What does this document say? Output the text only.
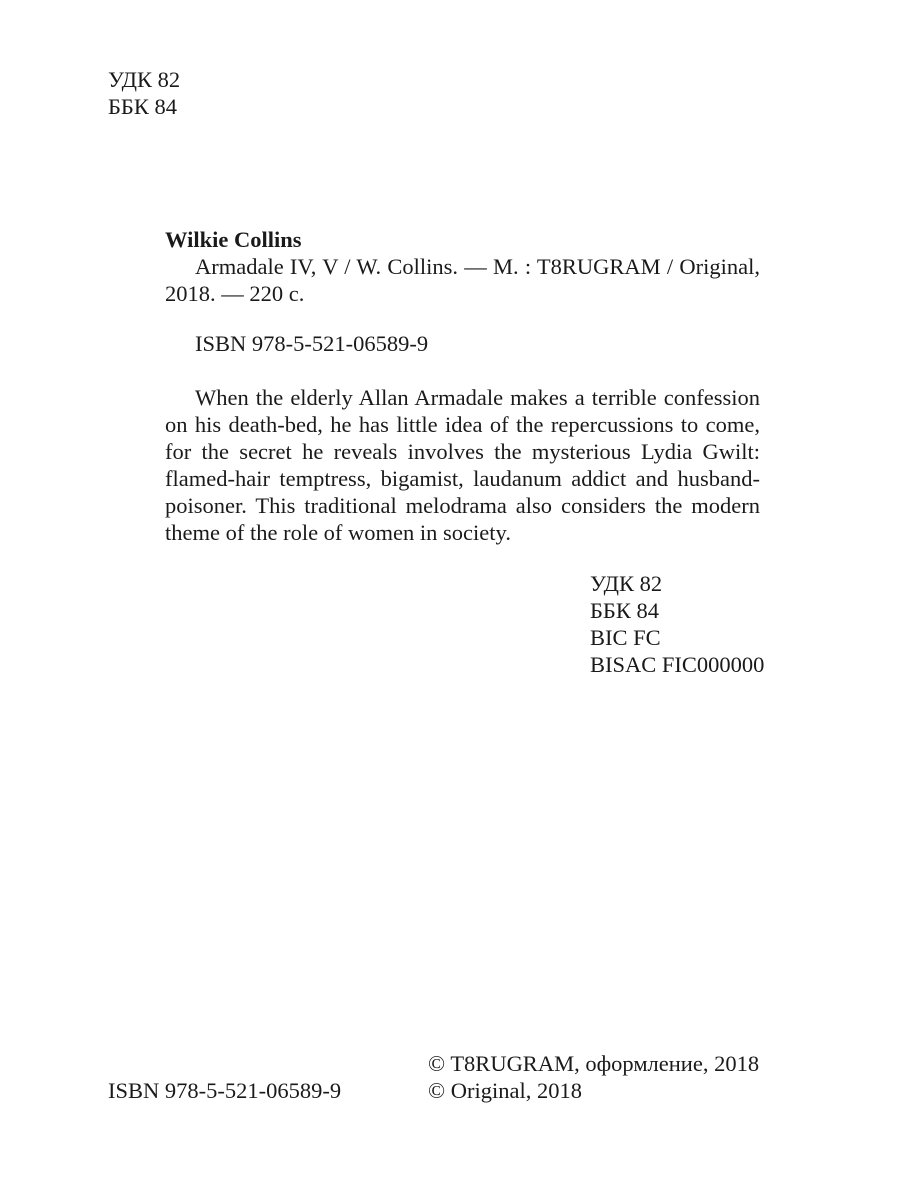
УДК 82
ББК 84
Wilkie Collins
Armadale IV, V / W. Collins. — M. : T8RUGRAM / Original,
2018. — 220 с.
ISBN 978-5-521-06589-9

When the elderly Allan Armadale makes a terrible confession on his death-bed, he has little idea of the repercussions to come, for the secret he reveals involves the mysterious Lydia Gwilt: flamed-hair temptress, bigamist, laudanum addict and husband-poisoner. This traditional melodrama also considers the modern theme of the role of women in society.

УДК 82
ББК 84
BIC FC
BISAC FIC000000
© T8RUGRAM, оформление, 2018
© Original, 2018
ISBN 978-5-521-06589-9
